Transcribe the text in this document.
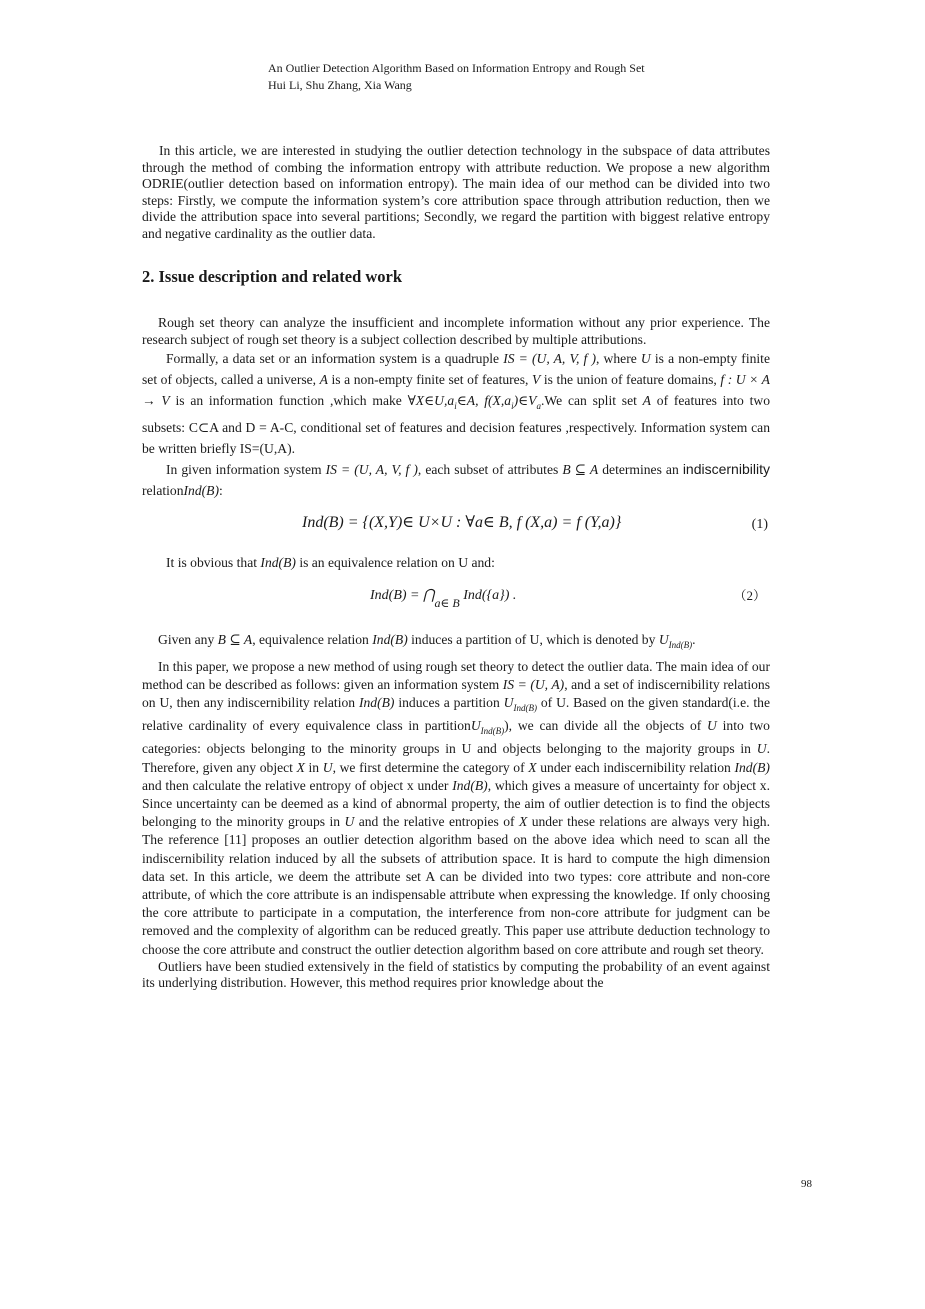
An Outlier Detection Algorithm Based on Information Entropy and Rough Set
Hui Li, Shu Zhang, Xia Wang

In this article, we are interested in studying the outlier detection technology in the subspace of data attributes through the method of combing the information entropy with attribute reduction. We propose a new algorithm ODRIE(outlier detection based on information entropy). The main idea of our method can be divided into two steps: Firstly, we compute the information system’s core attribution space through attribution reduction, then we divide the attribution space into several partitions; Secondly, we regard the partition with biggest relative entropy and negative cardinality as the outlier data.

2. Issue description and related work

Rough set theory can analyze the insufficient and incomplete information without any prior experience. The research subject of rough set theory is a subject collection described by multiple attributions.

Formally, a data set or an information system is a quadruple IS = (U, A, V, f ), where U is a non-empty finite set of objects, called a universe, A is a non-empty finite set of features, V is the union of feature domains, f : U × A → V is an information function ,which make $\forall X\in U,a_i\in A$, $f(X,a_i)\in V_a.We$ can split set A of features into two subsets: C⊂A and D = A-C, conditional set of features and decision features ,respectively. Information system can be written briefly IS=(U,A).

In given information system IS = (U, A, V, f ), each subset of attributes B ⊆ A determines an indiscernibility relationInd(B):

Ind(B) = {(X,Y)∈ U×U : ∀a∈ B, f (X,a) = f (Y,a)}	(1)

It is obvious that Ind(B) is an equivalence relation on U and:

Ind(B) = ⋂a∈ B Ind({a}) .	（2）

Given any B ⊆ A, equivalence relation Ind(B) induces a partition of U, which is denoted by $U_{Ind(B)}$.

In this paper, we propose a new method of using rough set theory to detect the outlier data. The main idea of our method can be described as follows: given an information system IS = (U, A), and a set of indiscernibility relations on U, then any indiscernibility relation Ind(B) induces a partition $U_{Ind(B)}$ of U. Based on the given standard(i.e. the relative cardinality of every equivalence class in partitionU$_{Ind(B)}$), we can divide all the objects of U into two categories: objects belonging to the minority groups in U and objects belonging to the majority groups in U. Therefore, given any object X in U, we first determine the category of X under each indiscernibility relation Ind(B) and then calculate the relative entropy of object x under Ind(B), which gives a measure of uncertainty for object x. Since uncertainty can be deemed as a kind of abnormal property, the aim of outlier detection is to find the objects belonging to the minority groups in U and the relative entropies of X under these relations are always very high. The reference [11] proposes an outlier detection algorithm based on the above idea which need to scan all the indiscernibility relation induced by all the subsets of attribution space. It is hard to compute the high dimension data set. In this article, we deem the attribute set A can be divided into two types: core attribute and non-core attribute, of which the core attribute is an indispensable attribute when expressing the knowledge. If only choosing the core attribute to participate in a computation, the interference from non-core attribute for judgment can be removed and the complexity of algorithm can be reduced greatly. This paper use attribute deduction technology to choose the core attribute and construct the outlier detection algorithm based on core attribute and rough set theory.

Outliers have been studied extensively in the field of statistics by computing the probability of an event against its underlying distribution. However, this method requires prior knowledge about the

98
